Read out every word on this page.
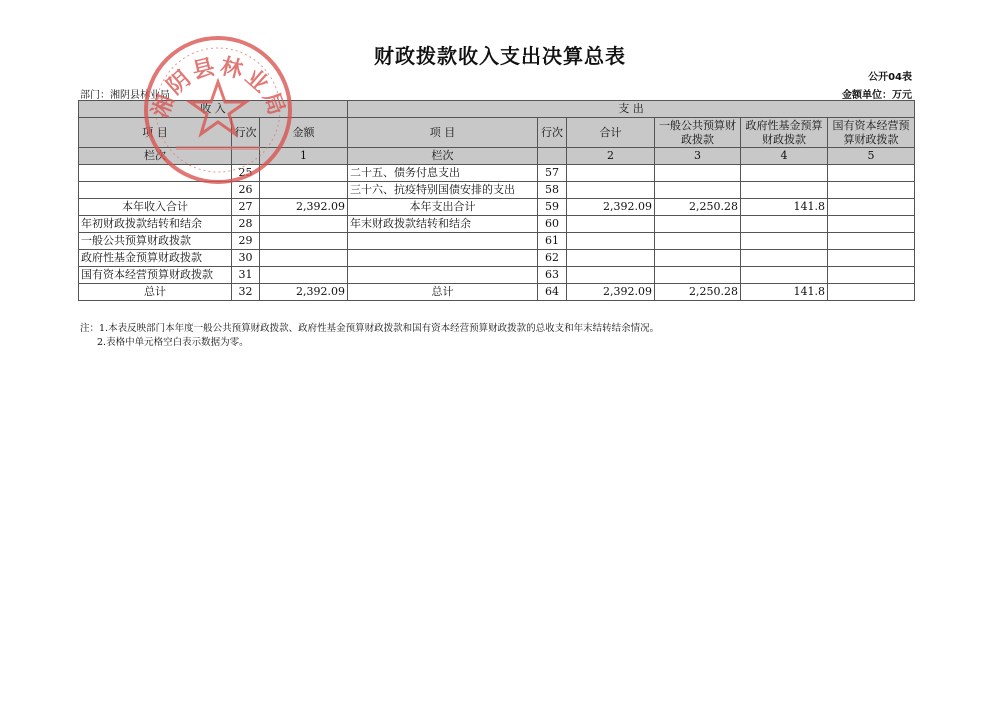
财政拨款收入支出决算总表
公开04表
部门：湘阴县林业局	金额单位：万元
收 入			支 出					
项 目	行次	金额	项 目	行次	合计	一般公共预算财政拨款	政府性基金预算财政拨款	国有资本经营预算财政拨款
栏次		1	栏次		2	3	4	5
	25		二十五、债务付息支出	57				
	26		三十六、抗疫特别国债安排的支出	58				
本年收入合计	27	2,392.09	本年支出合计	59	2,392.09	2,250.28	141.8	
年初财政拨款结转和结余	28		年末财政拨款结转和结余	60				
一般公共预算财政拨款	29			61				
政府性基金预算财政拨款	30			62				
国有资本经营预算财政拨款	31			63				
总计	32	2,392.09	总计	64	2,392.09	2,250.28	141.8	
注：1.本表反映部门本年度一般公共预算财政拨款、政府性基金预算财政拨款和国有资本经营预算财政拨款的总收支和年末结转结余情况。
2.表格中单元格空白表示数据为零。
湘阴县林业局
